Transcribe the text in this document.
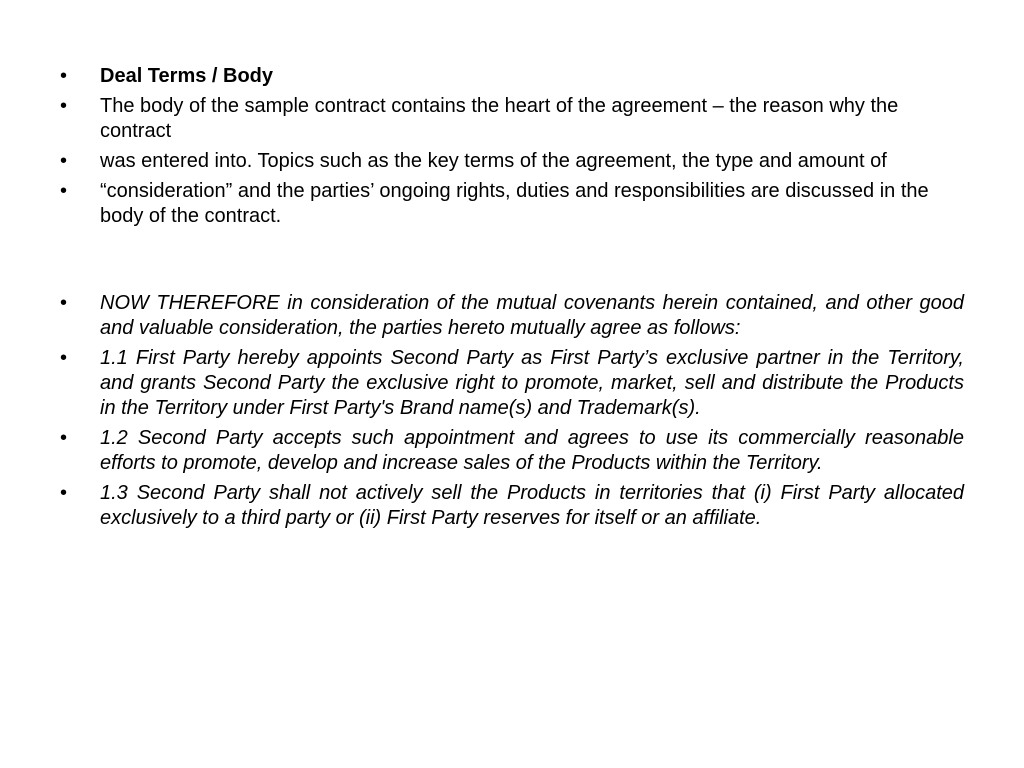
•	Deal Terms / Body
•	The body of the sample contract contains the heart of the agreement – the reason why the contract
•	was entered into. Topics such as the key terms of the agreement, the type and amount of
•	“consideration” and the parties’ ongoing rights, duties and responsibilities are discussed in the body of the contract.
•	NOW THEREFORE in consideration of the mutual covenants herein contained, and other good and valuable consideration, the parties hereto mutually agree as follows:
•	1.1 First Party hereby appoints Second Party as First Party’s exclusive partner in the Territory, and grants Second Party the exclusive right to promote, market, sell and distribute the Products in the Territory under First Party's Brand name(s) and Trademark(s).
•	1.2 Second Party accepts such appointment and agrees to use its commercially reasonable efforts to promote, develop and increase sales of the Products within the Territory.
•	1.3 Second Party shall not actively sell the Products in territories that (i) First Party allocated exclusively to a third party or (ii) First Party reserves for itself or an affiliate.
